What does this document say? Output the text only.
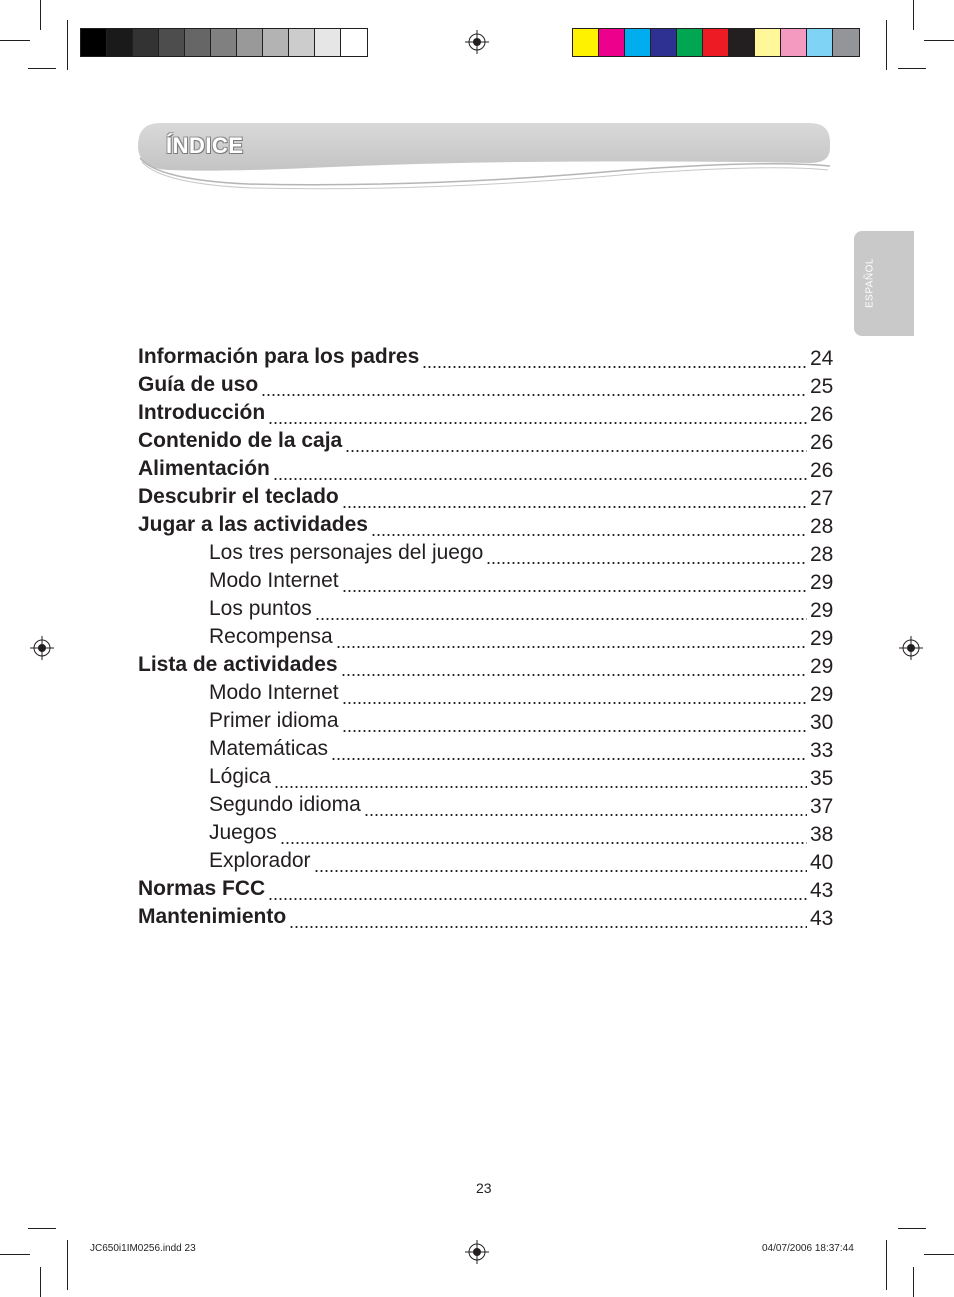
ÍNDICE
ESPAÑOL
Información para los padres	24
Guía de uso	25
Introducción	26
Contenido de la caja	26
Alimentación	26
Descubrir el teclado	27
Jugar a las actividades	28
Los tres personajes del juego	28
Modo Internet	29
Los puntos	29
Recompensa	29
Lista de actividades	29
Modo Internet	29
Primer idioma	30
Matemáticas	33
Lógica	35
Segundo idioma	37
Juegos	38
Explorador	40
Normas FCC	43
Mantenimiento	43
23
JC650i1IM0256.indd 23	04/07/2006 18:37:44
